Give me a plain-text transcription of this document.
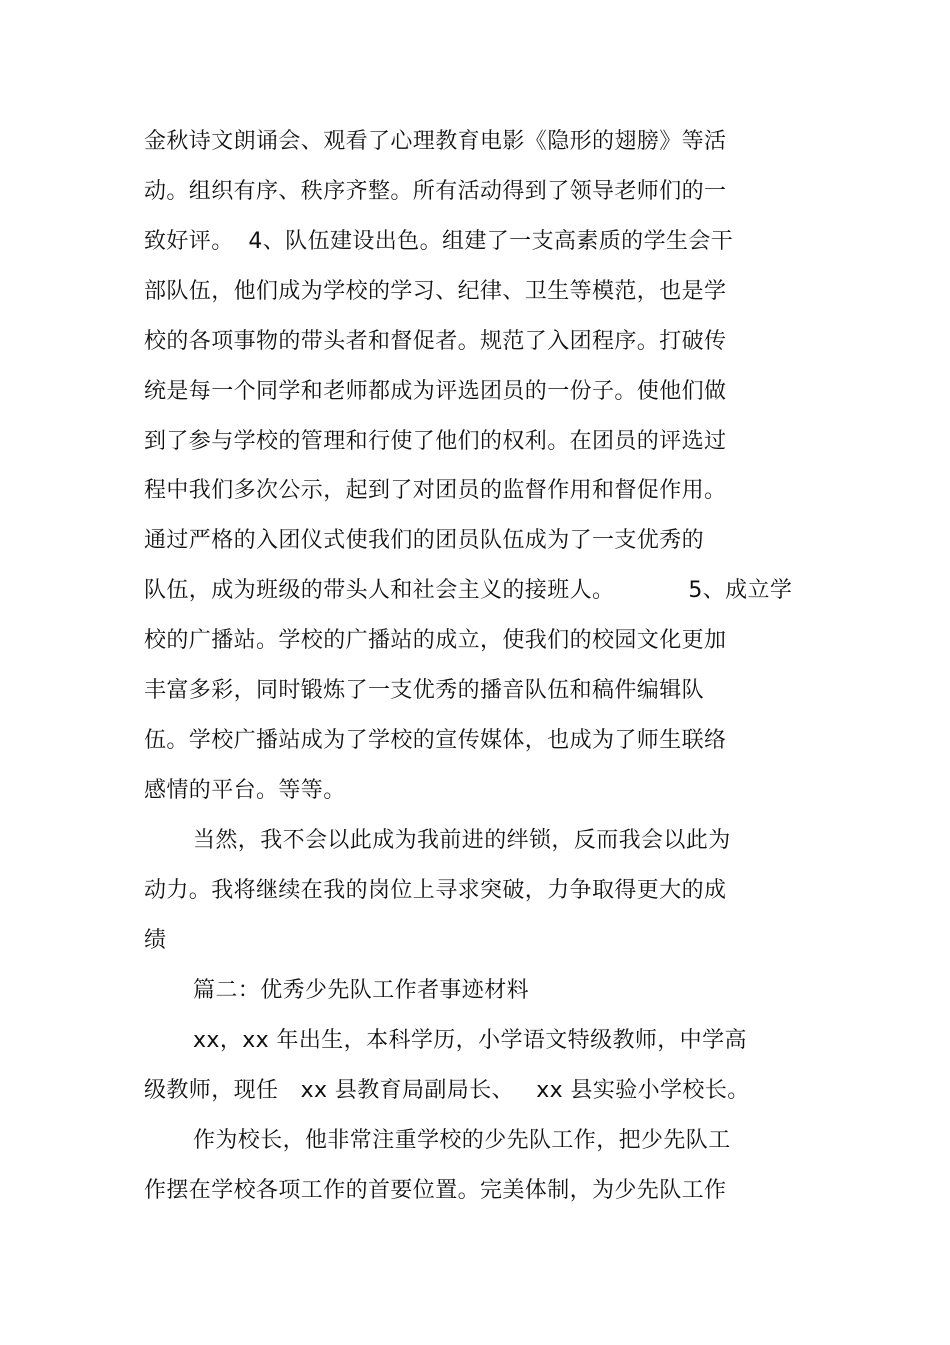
金秋诗文朗诵会、观看了心理教育电影《隐形的翅膀》等活
动。组织有序、秩序齐整。所有活动得到了领导老师们的一
致好评。  4、队伍建设出色。组建了一支高素质的学生会干
部队伍，他们成为学校的学习、纪律、卫生等模范，也是学
校的各项事物的带头者和督促者。规范了入团程序。打破传
统是每一个同学和老师都成为评选团员的一份子。使他们做
到了参与学校的管理和行使了他们的权利。在团员的评选过
程中我们多次公示，起到了对团员的监督作用和督促作用。
通过严格的入团仪式使我们的团员队伍成为了一支优秀的
队伍，成为班级的带头人和社会主义的接班人。          5、成立学
校的广播站。学校的广播站的成立，使我们的校园文化更加
丰富多彩，同时锻炼了一支优秀的播音队伍和稿件编辑队
伍。学校广播站成为了学校的宣传媒体，也成为了师生联络
感情的平台。等等。
当然，我不会以此成为我前进的绊锁，反而我会以此为
动力。我将继续在我的岗位上寻求突破，力争取得更大的成
绩
篇二：优秀少先队工作者事迹材料
xx，xx 年出生，本科学历，小学语文特级教师，中学高
级教师，现任   xx 县教育局副局长、   xx 县实验小学校长。
作为校长，他非常注重学校的少先队工作，把少先队工
作摆在学校各项工作的首要位置。完美体制，为少先队工作
